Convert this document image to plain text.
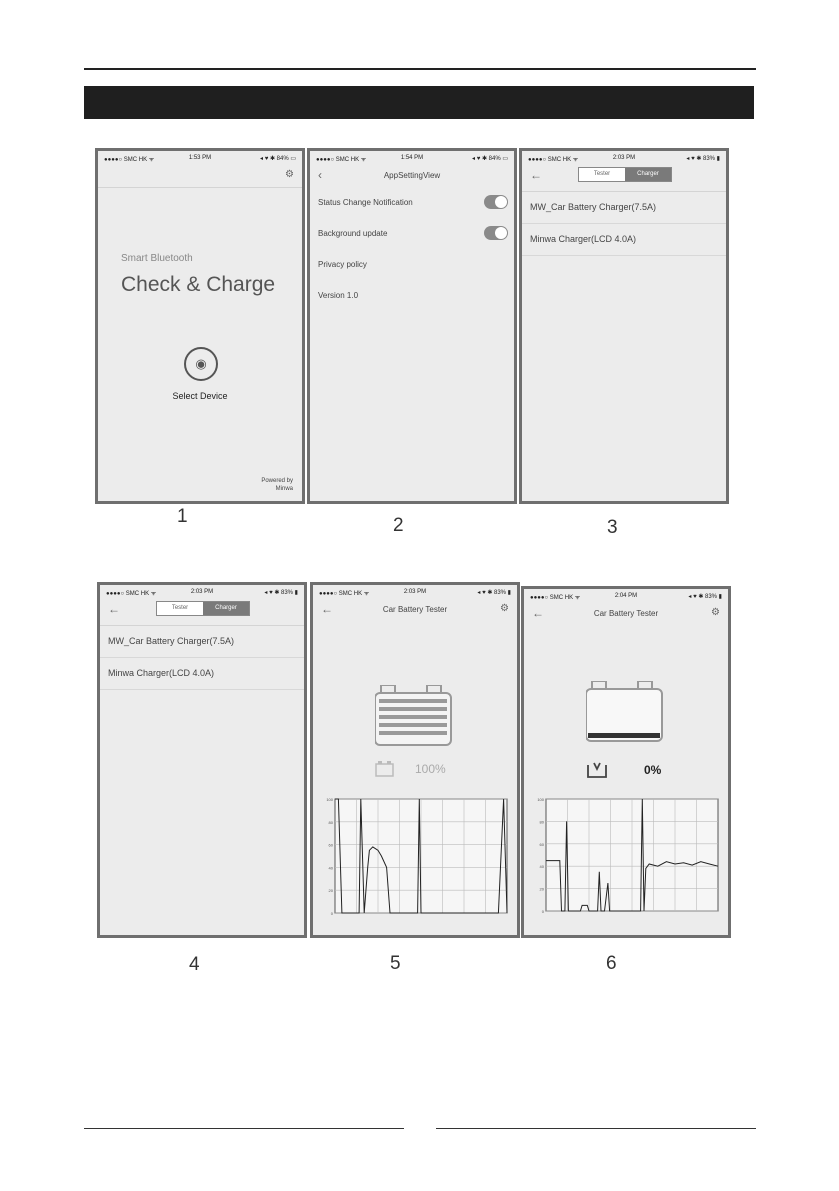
●●●●○ SMC HK ᯤ	1:53 PM	◂ ♥ ✱ 84% ▭
⚙
Smart Bluetooth
Check & Charge
◉
Select Device
Powered by
Minwa
●●●●○ SMC HK ᯤ	1:54 PM	◂ ♥ ✱ 84% ▭
‹	AppSettingView
Status Change Notification
Background update
Privacy policy
Version 1.0
●●●●○ SMC HK ᯤ	2:03 PM	◂ ♥ ✱ 83% ▮
←	Tester	Charger
MW_Car Battery Charger(7.5A)
Minwa Charger(LCD 4.0A)
●●●●○ SMC HK ᯤ	2:03 PM	◂ ♥ ✱ 83% ▮
←	Tester	Charger
MW_Car Battery Charger(7.5A)
Minwa Charger(LCD 4.0A)
●●●●○ SMC HK ᯤ	2:03 PM	◂ ♥ ✱ 83% ▮
←	Car Battery Tester	⚙
100%
100
80
60
40
20
0
●●●●○ SMC HK ᯤ	2:04 PM	◂ ♥ ✱ 83% ▮
←	Car Battery Tester	⚙
0%
100
80
60
40
20
0
1	2	3
4	5	6
